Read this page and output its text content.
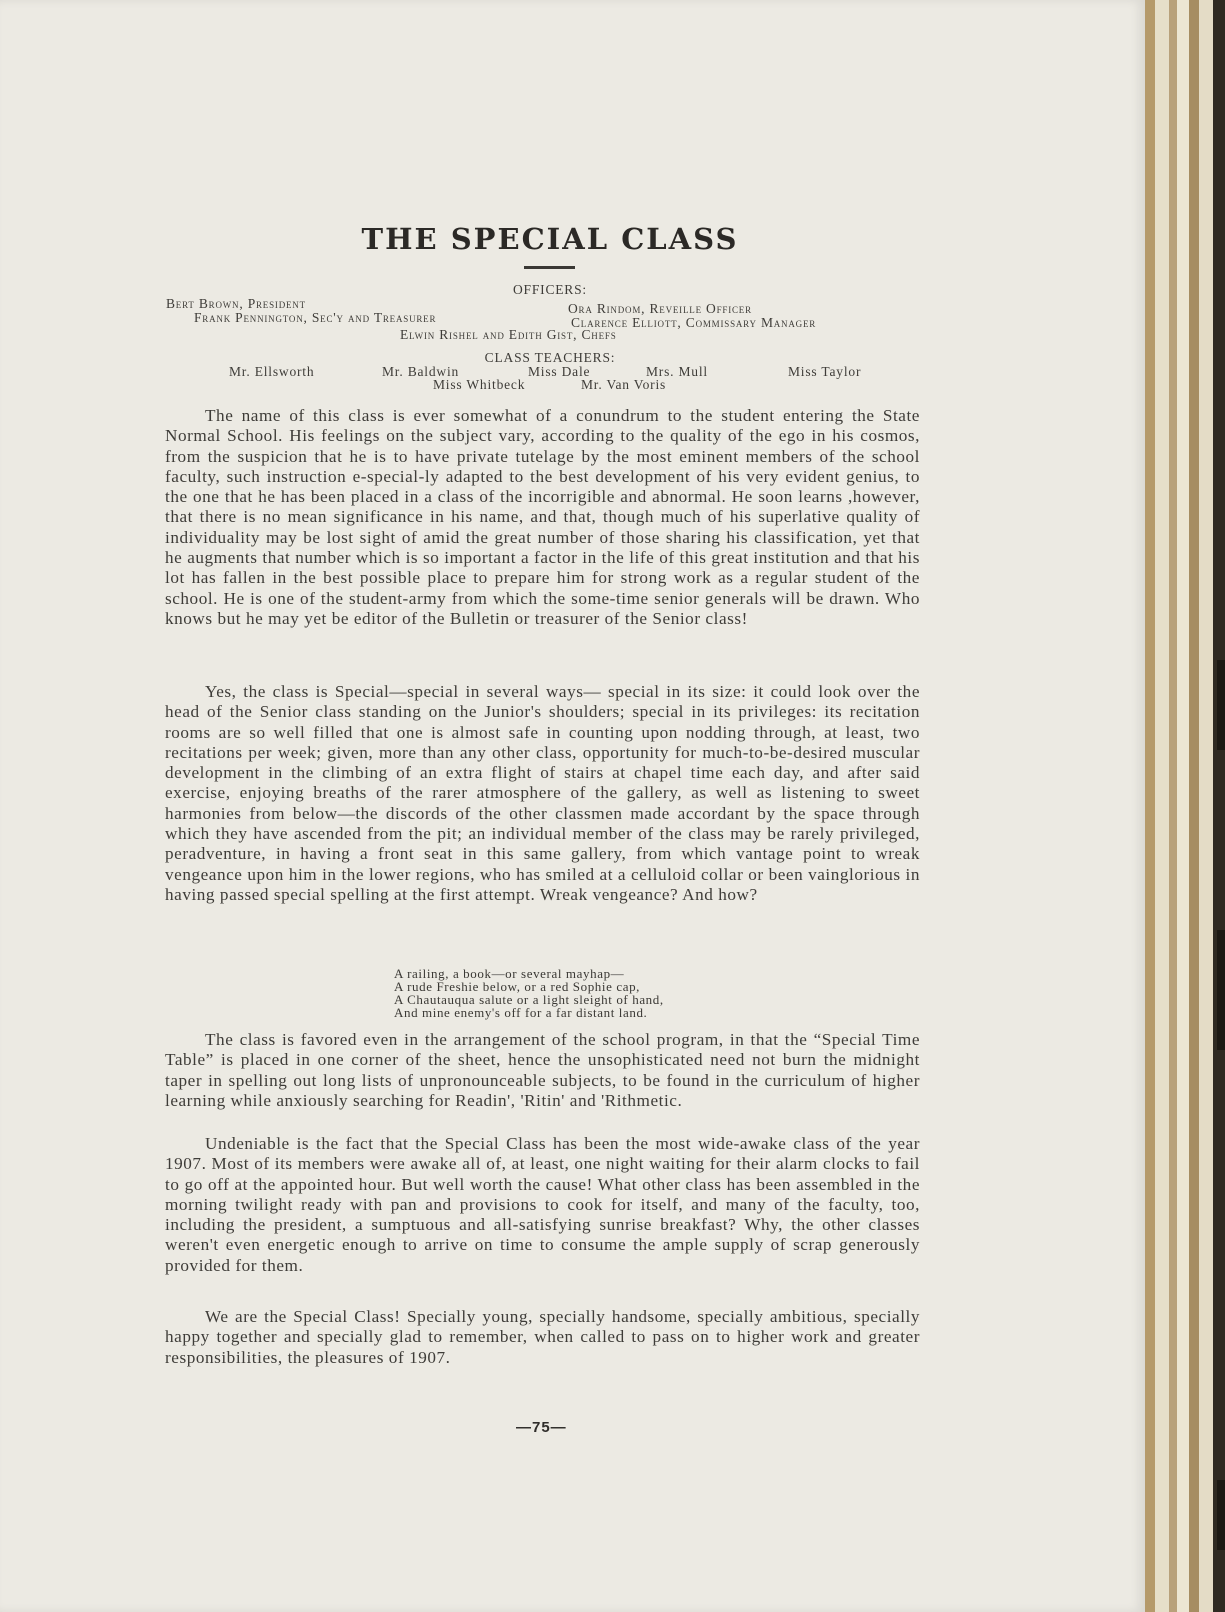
THE SPECIAL CLASS
OFFICERS:
Bert Brown, President	Ora Rindom, Reveille Officer
Frank Pennington, Sec'y and Treasurer	Clarence Elliott, Commissary Manager
Elwin Rishel and Edith Gist, Chefs
CLASS TEACHERS:
Mr. Ellsworth	Mr. Baldwin	Miss Dale	Mrs. Mull	Miss Taylor
Miss Whitbeck	Mr. Van Voris
The name of this class is ever somewhat of a conundrum to the student entering the State Normal School. His feelings on the subject vary, according to the quality of the ego in his cosmos, from the suspicion that he is to have private tutelage by the most eminent members of the school faculty, such instruction e-special-ly adapted to the best development of his very evident genius, to the one that he has been placed in a class of the incorrigible and abnormal. He soon learns ,however, that there is no mean significance in his name, and that, though much of his superlative quality of individuality may be lost sight of amid the great number of those sharing his classification, yet that he augments that number which is so important a factor in the life of this great institution and that his lot has fallen in the best possible place to prepare him for strong work as a regular student of the school. He is one of the student-army from which the some-time senior generals will be drawn. Who knows but he may yet be editor of the Bulletin or treasurer of the Senior class!
Yes, the class is Special—special in several ways— special in its size: it could look over the head of the Senior class standing on the Junior's shoulders; special in its privileges: its recitation rooms are so well filled that one is almost safe in counting upon nodding through, at least, two recitations per week; given, more than any other class, opportunity for much-to-be-desired muscular development in the climbing of an extra flight of stairs at chapel time each day, and after said exercise, enjoying breaths of the rarer atmosphere of the gallery, as well as listening to sweet harmonies from below—the discords of the other classmen made accordant by the space through which they have ascended from the pit; an individual member of the class may be rarely privileged, peradventure, in having a front seat in this same gallery, from which vantage point to wreak vengeance upon him in the lower regions, who has smiled at a celluloid collar or been vainglorious in having passed special spelling at the first attempt. Wreak vengeance? And how?
A railing, a book—or several mayhap—
A rude Freshie below, or a red Sophie cap,
A Chautauqua salute or a light sleight of hand,
And mine enemy's off for a far distant land.
The class is favored even in the arrangement of the school program, in that the “Special Time Table” is placed in one corner of the sheet, hence the unsophisticated need not burn the midnight taper in spelling out long lists of unpronounceable subjects, to be found in the curriculum of higher learning while anxiously searching for Readin', 'Ritin' and 'Rithmetic.
Undeniable is the fact that the Special Class has been the most wide-awake class of the year 1907. Most of its members were awake all of, at least, one night waiting for their alarm clocks to fail to go off at the appointed hour. But well worth the cause! What other class has been assembled in the morning twilight ready with pan and provisions to cook for itself, and many of the faculty, too, including the president, a sumptuous and all-satisfying sunrise breakfast? Why, the other classes weren't even energetic enough to arrive on time to consume the ample supply of scrap generously provided for them.
We are the Special Class! Specially young, specially handsome, specially ambitious, specially happy together and specially glad to remember, when called to pass on to higher work and greater responsibilities, the pleasures of 1907.
—75—
